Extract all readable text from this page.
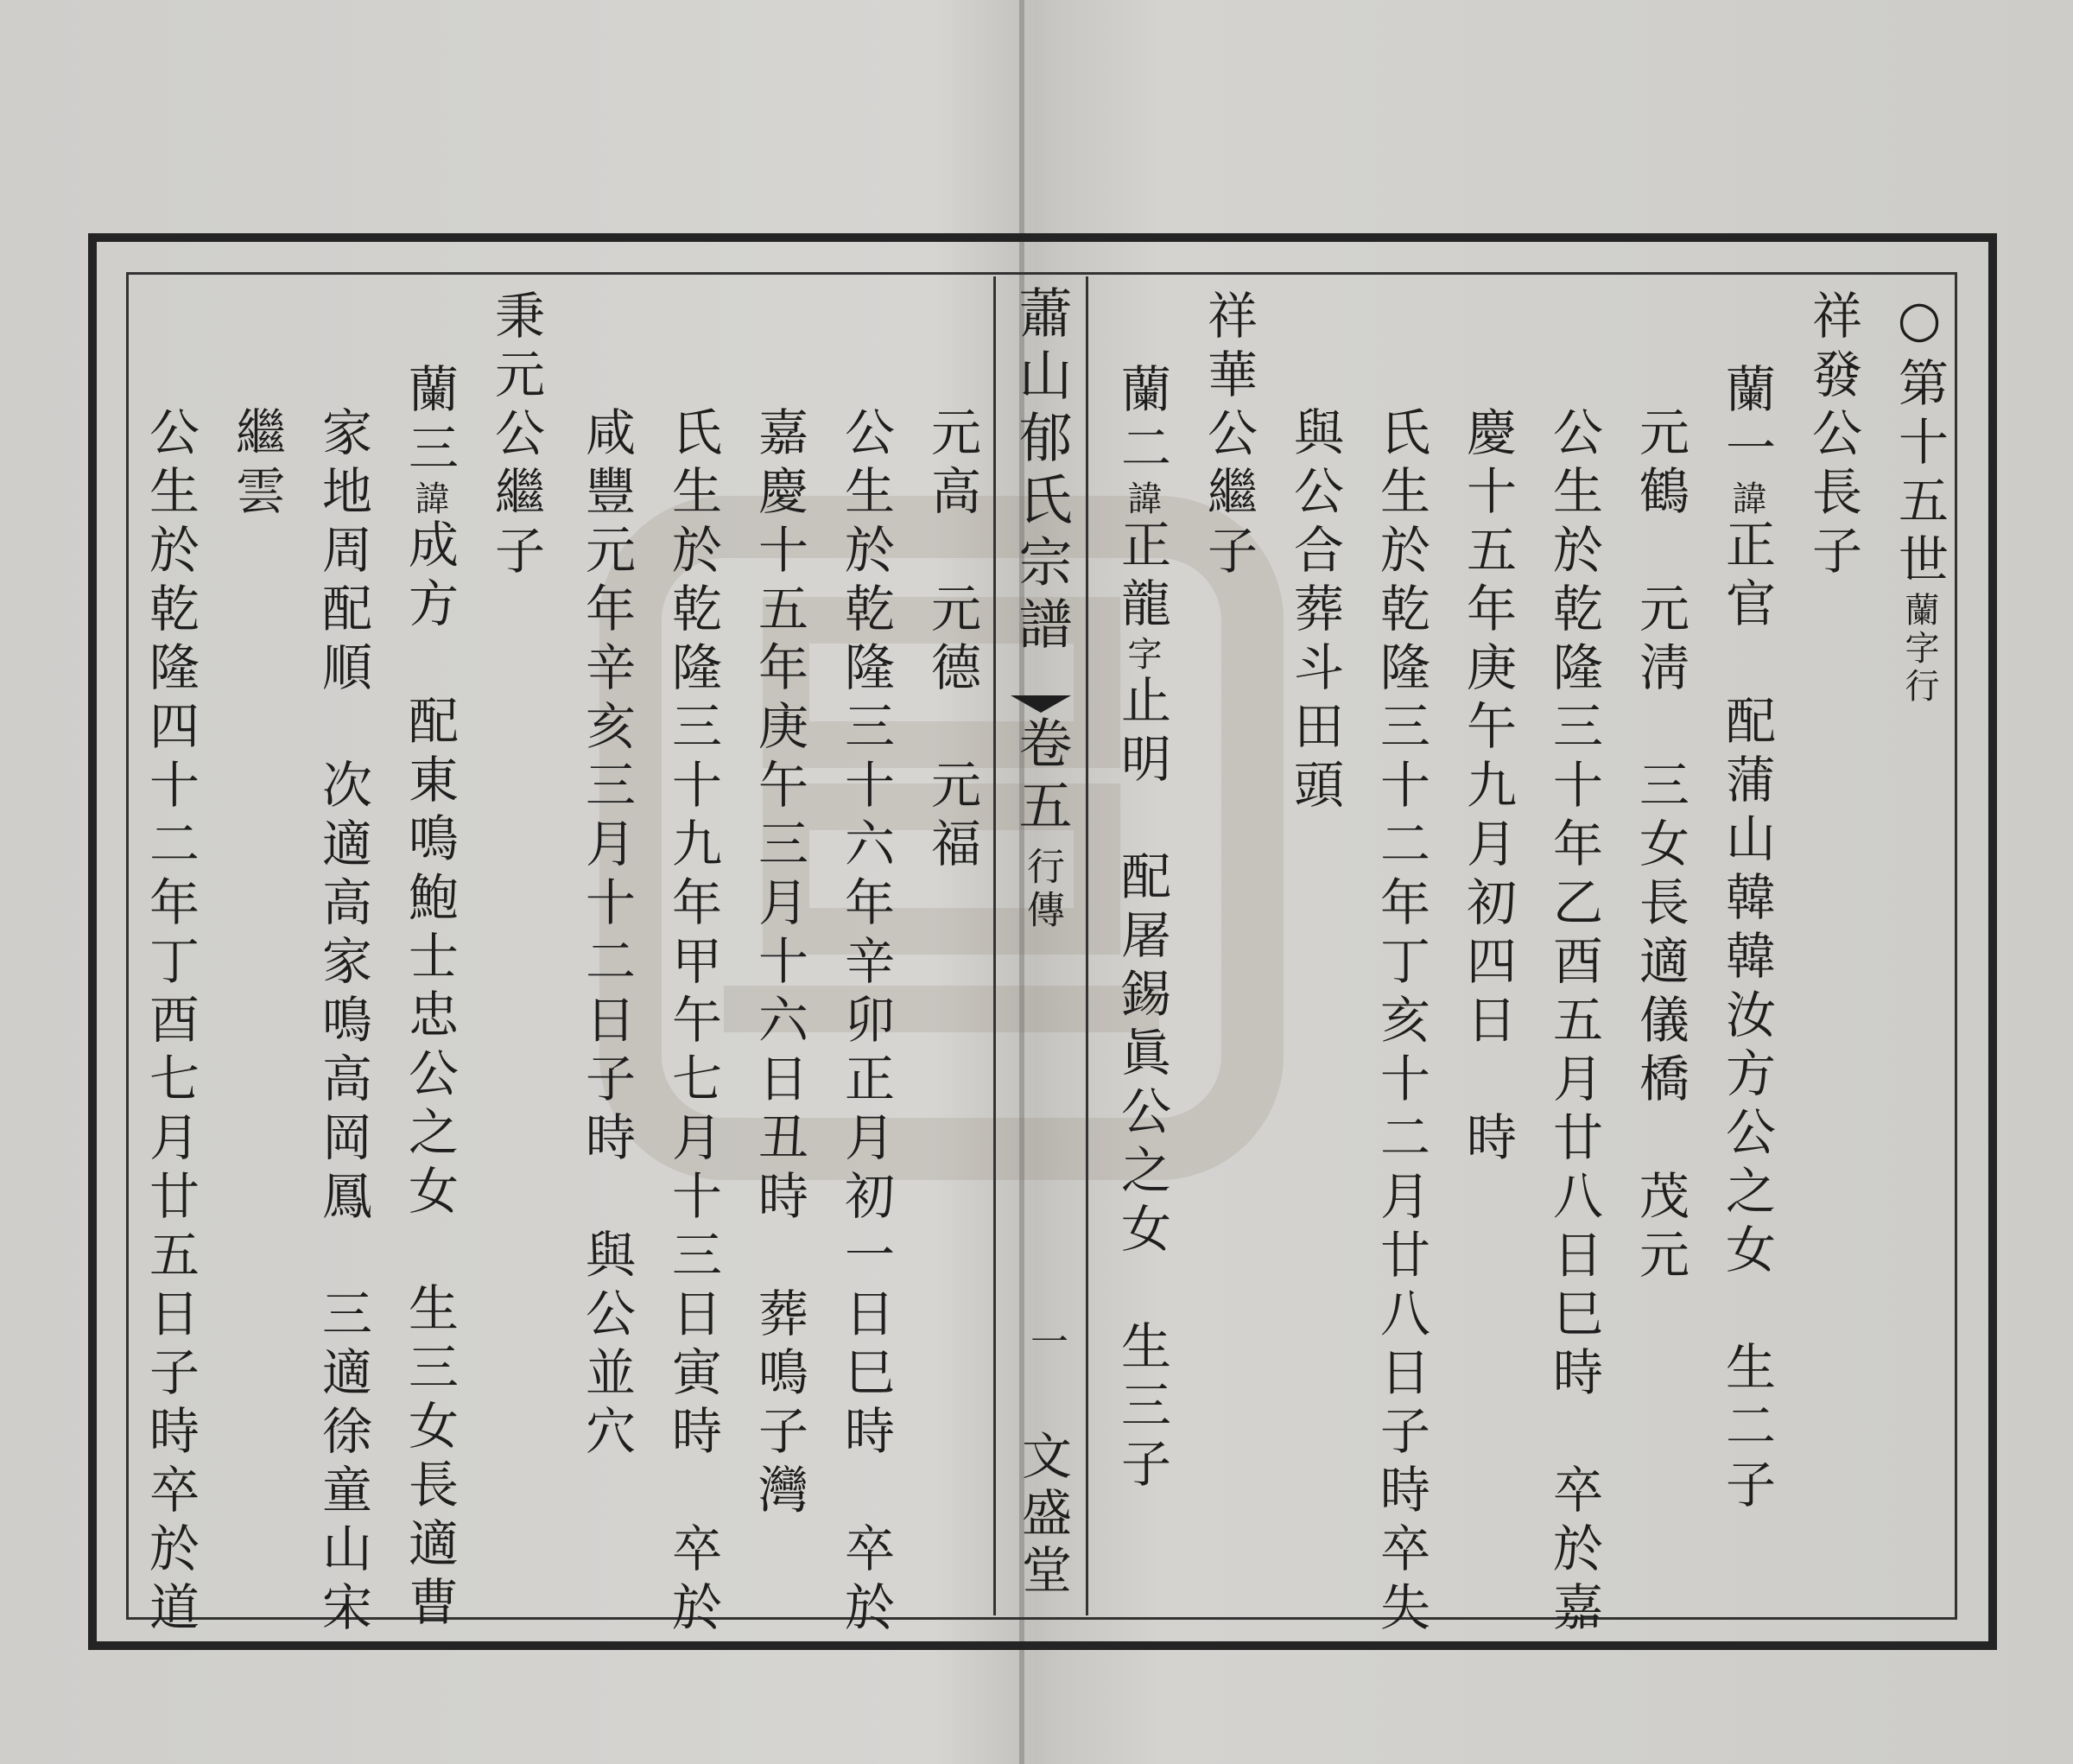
○第十五世蘭字行
祥發公長子
蘭一諱正官　配蒲山韓韓汝方公之女　生二子
元鶴　元淸　三女長適儀橋　茂元
公生於乾隆三十年乙酉五月廿八日巳時　卒於嘉
慶十五年庚午九月初四日　時
氏生於乾隆三十二年丁亥十二月廿八日子時卒失
與公合葬斗田頭
祥華公繼子
蘭二諱正龍字止明　配屠錫眞公之女　生三子
蕭山郁氏宗譜
卷五
行傳
一
文盛堂
元高　元德　元福
公生於乾隆三十六年辛卯正月初一日巳時　卒於
嘉慶十五年庚午三月十六日丑時　葬鳴子灣
氏生於乾隆三十九年甲午七月十三日寅時　卒於
咸豐元年辛亥三月十二日子時　與公並穴
秉元公繼子
蘭三諱成方　配東鳴鮑士忠公之女　生三女長適曹
家地周配順　次適高家鳴高岡鳳　三適徐童山宋
繼雲
公生於乾隆四十二年丁酉七月廿五日子時卒於道
